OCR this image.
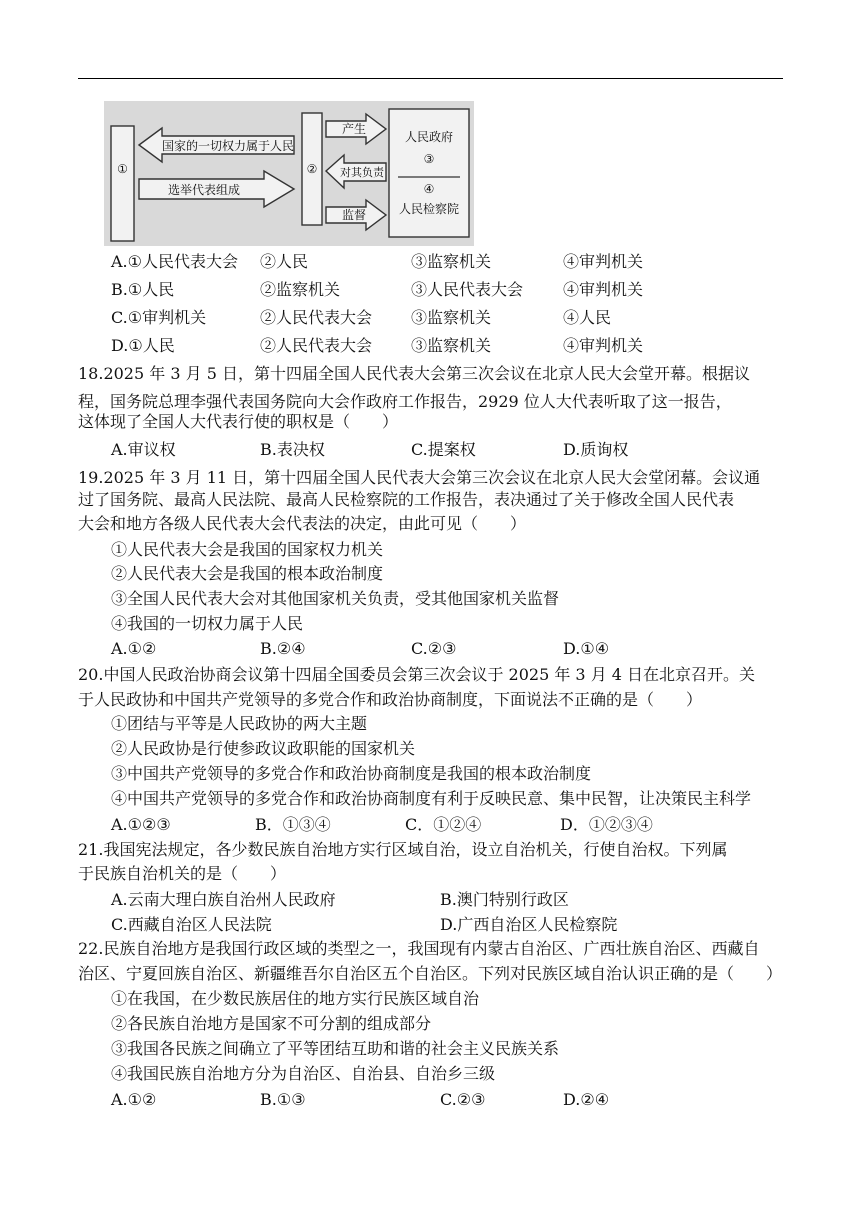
①	②
国家的一切权力属于人民
选举代表组成
产生
对其负责
监督
人民政府
③
④
人民检察院
A.①人民代表大会 ②人民	③监察机关	④审判机关
B.①人民	②监察机关	③人民代表大会 ④审判机关
C.①审判机关	②人民代表大会 ③监察机关	④人民
D.①人民	②人民代表大会 ③监察机关	④审判机关
18.2025 年 3 月 5 日，第十四届全国人民代表大会第三次会议在北京人民大会堂开幕。根据议
程，国务院总理李强代表国务院向大会作政府工作报告，2929 位人大代表听取了这一报告，
这体现了全国人大代表行使的职权是（　　）
A.审议权	B.表决权	C.提案权	D.质询权
19.2025 年 3 月 11 日，第十四届全国人民代表大会第三次会议在北京人民大会堂闭幕。会议通
过了国务院、最高人民法院、最高人民检察院的工作报告，表决通过了关于修改全国人民代表
大会和地方各级人民代表大会代表法的决定，由此可见（　　）
①人民代表大会是我国的国家权力机关
②人民代表大会是我国的根本政治制度
③全国人民代表大会对其他国家机关负责，受其他国家机关监督
④我国的一切权力属于人民
A.①②	B.②④	C.②③	D.①④
20.中国人民政治协商会议第十四届全国委员会第三次会议于 2025 年 3 月 4 日在北京召开。关
于人民政协和中国共产党领导的多党合作和政治协商制度，下面说法不正确的是（　　）
①团结与平等是人民政协的两大主题
②人民政协是行使参政议政职能的国家机关
③中国共产党领导的多党合作和政治协商制度是我国的根本政治制度
④中国共产党领导的多党合作和政治协商制度有利于反映民意、集中民智，让决策民主科学
A.①②③	B．①③④	C．①②④	D．①②③④
21.我国宪法规定，各少数民族自治地方实行区域自治，设立自治机关，行使自治权。下列属
于民族自治机关的是（　　）
A.云南大理白族自治州人民政府	B.澳门特别行政区
C.西藏自治区人民法院	D.广西自治区人民检察院
22.民族自治地方是我国行政区域的类型之一，我国现有内蒙古自治区、广西壮族自治区、西藏自
治区、宁夏回族自治区、新疆维吾尔自治区五个自治区。下列对民族区域自治认识正确的是（　　）
①在我国，在少数民族居住的地方实行民族区域自治
②各民族自治地方是国家不可分割的组成部分
③我国各民族之间确立了平等团结互助和谐的社会主义民族关系
④我国民族自治地方分为自治区、自治县、自治乡三级
A.①②	B.①③	C.②③	D.②④
